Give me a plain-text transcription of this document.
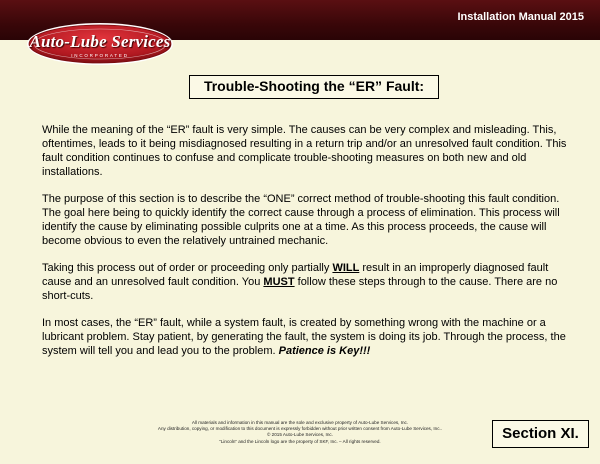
Installation Manual 2015
Auto-Lube Services
INCORPORATED
Trouble-Shooting the “ER” Fault:

While the meaning of the “ER” fault is very simple. The causes can be very complex and misleading. This, oftentimes, leads to it being misdiagnosed resulting in a return trip and/or an unresolved fault condition. This fault condition continues to confuse and complicate trouble-shooting measures on both new and old installations.

The purpose of this section is to describe the “ONE” correct method of trouble-shooting this fault condition. The goal here being to quickly identify the correct cause through a process of elimination. This process will identify the cause by eliminating possible culprits one at a time. As this process proceeds, the cause will become obvious to even the relatively untrained mechanic.

Taking this process out of order or proceeding only partially WILL result in an improperly diagnosed fault cause and an unresolved fault condition. You MUST follow these steps through to the cause. There are no short-cuts.

In most cases, the “ER” fault, while a system fault, is created by something wrong with the machine or a lubricant problem. Stay patient, by generating the fault, the system is doing its job. Through the process, the system will tell you and lead you to the problem. Patience is Key!!!

All materials and information in this manual are the sole and exclusive property of Auto-Lube Services, Inc.
Any distribution, copying, or modification to this document is expressly forbidden without prior written consent from Auto-Lube Services, Inc..
© 2015 Auto-Lube Services, Inc.
“Lincoln” and the Lincoln logo are the property of SKF, Inc. – All rights reserved.	Section XI.
